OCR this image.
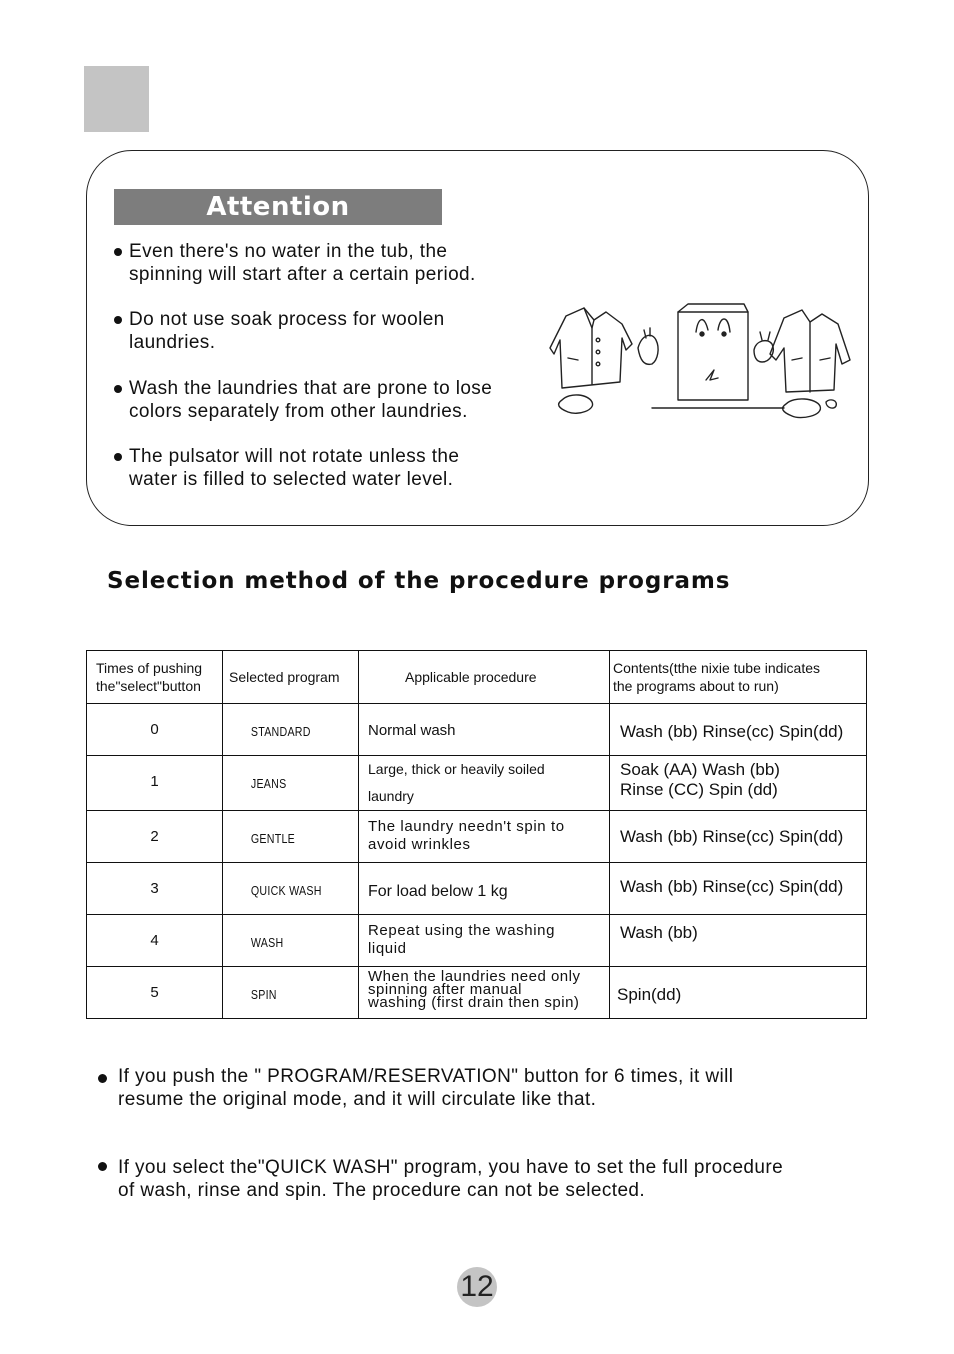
Attention
Even there's no water in the tub, the
spinning will start after a certain period.
Do not use soak process for woolen
laundries.
Wash the laundries that are prone to lose
colors separately from other laundries.
The pulsator will not rotate unless the
water is filled to selected water level.
Selection method of the procedure programs
Times of pushing
the"select"button	Selected program	Applicable procedure	Contents(tthe nixie tube indicates
the programs about to run)

0	STANDARD	Normal wash	Wash (bb) Rinse(cc) Spin(dd)

1	JEANS	Large, thick or heavily soiled
laundry	Soak (AA) Wash (bb)
Rinse (CC) Spin (dd)

2	GENTLE	The laundry needn't spin to
avoid wrinkles	Wash (bb) Rinse(cc) Spin(dd)

3	QUICK WASH	For load below 1 kg	Wash (bb) Rinse(cc) Spin(dd)

4	WASH	Repeat using the washing
liquid	Wash (bb)

5	SPIN	When the laundries need only
spinning after manual
washing (first drain then spin)	Spin(dd)
If you push the " PROGRAM/RESERVATION" button for 6 times, it will
resume the original mode, and it will circulate like that.
If you select the"QUICK WASH" program, you have to set the full procedure
of wash, rinse and spin. The procedure can not be selected.
12
